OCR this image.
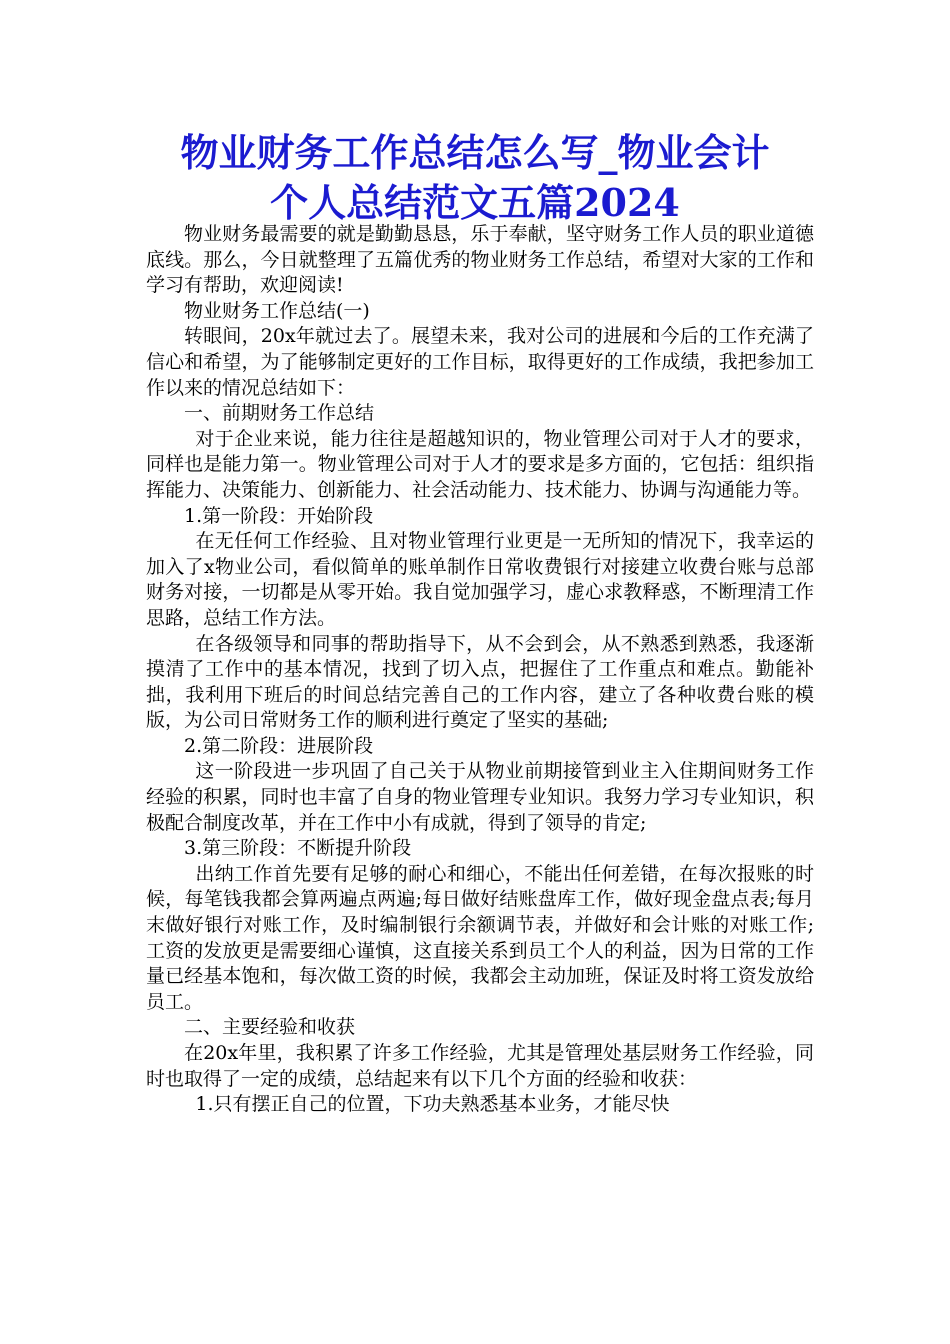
物业财务工作总结怎么写_物业会计
个人总结范文五篇2024

物业财务最需要的就是勤勤恳恳，乐于奉献，坚守财务工作人员的职业道德底线。那么，今日就整理了五篇优秀的物业财务工作总结，希望对大家的工作和学习有帮助，欢迎阅读!

物业财务工作总结(一)

转眼间，20x年就过去了。展望未来，我对公司的进展和今后的工作充满了信心和希望，为了能够制定更好的工作目标，取得更好的工作成绩，我把参加工作以来的情况总结如下：

一、前期财务工作总结

对于企业来说，能力往往是超越知识的，物业管理公司对于人才的要求，同样也是能力第一。物业管理公司对于人才的要求是多方面的，它包括：组织指挥能力、决策能力、创新能力、社会活动能力、技术能力、协调与沟通能力等。

1.第一阶段：开始阶段

在无任何工作经验、且对物业管理行业更是一无所知的情况下，我幸运的加入了x物业公司，看似简单的账单制作日常收费银行对接建立收费台账与总部财务对接，一切都是从零开始。我自觉加强学习，虚心求教释惑，不断理清工作思路，总结工作方法。

在各级领导和同事的帮助指导下，从不会到会，从不熟悉到熟悉，我逐渐摸清了工作中的基本情况，找到了切入点，把握住了工作重点和难点。勤能补拙，我利用下班后的时间总结完善自己的工作内容，建立了各种收费台账的模版，为公司日常财务工作的顺利进行奠定了坚实的基础;

2.第二阶段：进展阶段

这一阶段进一步巩固了自己关于从物业前期接管到业主入住期间财务工作经验的积累，同时也丰富了自身的物业管理专业知识。我努力学习专业知识，积极配合制度改革，并在工作中小有成就，得到了领导的肯定;

3.第三阶段：不断提升阶段

出纳工作首先要有足够的耐心和细心，不能出任何差错，在每次报账的时候，每笔钱我都会算两遍点两遍;每日做好结账盘库工作，做好现金盘点表;每月末做好银行对账工作，及时编制银行余额调节表，并做好和会计账的对账工作;工资的发放更是需要细心谨慎，这直接关系到员工个人的利益，因为日常的工作量已经基本饱和，每次做工资的时候，我都会主动加班，保证及时将工资发放给员工。

二、主要经验和收获

在20x年里，我积累了许多工作经验，尤其是管理处基层财务工作经验，同时也取得了一定的成绩，总结起来有以下几个方面的经验和收获：

1.只有摆正自己的位置，下功夫熟悉基本业务，才能尽快
